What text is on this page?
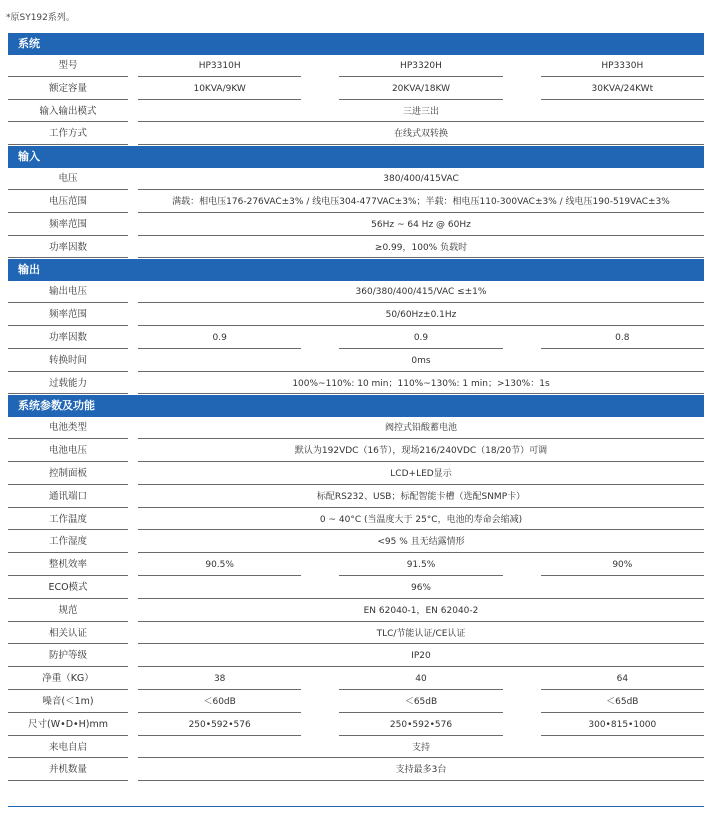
*原SY192系列。
系统
型号	HP3310H	HP3320H	HP3330H
额定容量	10KVA/9KW	20KVA/18KW	30KVA/24KWt
输入输出模式	三进三出
工作方式	在线式双转换
输入
电压	380/400/415VAC
电压范围	满载：相电压176-276VAC±3% / 线电压304-477VAC±3%；半载：相电压110-300VAC±3% / 线电压190-519VAC±3%
频率范围	56Hz ~ 64 Hz @ 60Hz
功率因数	≥0.99，100% 负载时
输出
输出电压	360/380/400/415/VAC ≤±1%
频率范围	50/60Hz±0.1Hz
功率因数	0.9	0.9	0.8
转换时间	0ms
过载能力	100%~110%: 10 min；110%~130%: 1 min；>130%：1s
系统参数及功能
电池类型	阀控式铅酸蓄电池
电池电压	默认为192VDC（16节），现场216/240VDC（18/20节）可调
控制面板	LCD+LED显示
通讯端口	标配RS232、USB；标配智能卡槽（选配SNMP卡）
工作温度	0 ~ 40°C (当温度大于 25°C，电池的寿命会缩减)
工作湿度	<95 % 且无结露情形
整机效率	90.5%	91.5%	90%
ECO模式	96%
规范	EN 62040-1，EN 62040-2
相关认证	TLC/节能认证/CE认证
防护等级	IP20
净重（KG）	38	40	64
噪音(＜1m)	＜60dB	＜65dB	＜65dB
尺寸(W•D•H)mm	250•592•576	250•592•576	300•815•1000
来电自启	支持
并机数量	支持最多3台
